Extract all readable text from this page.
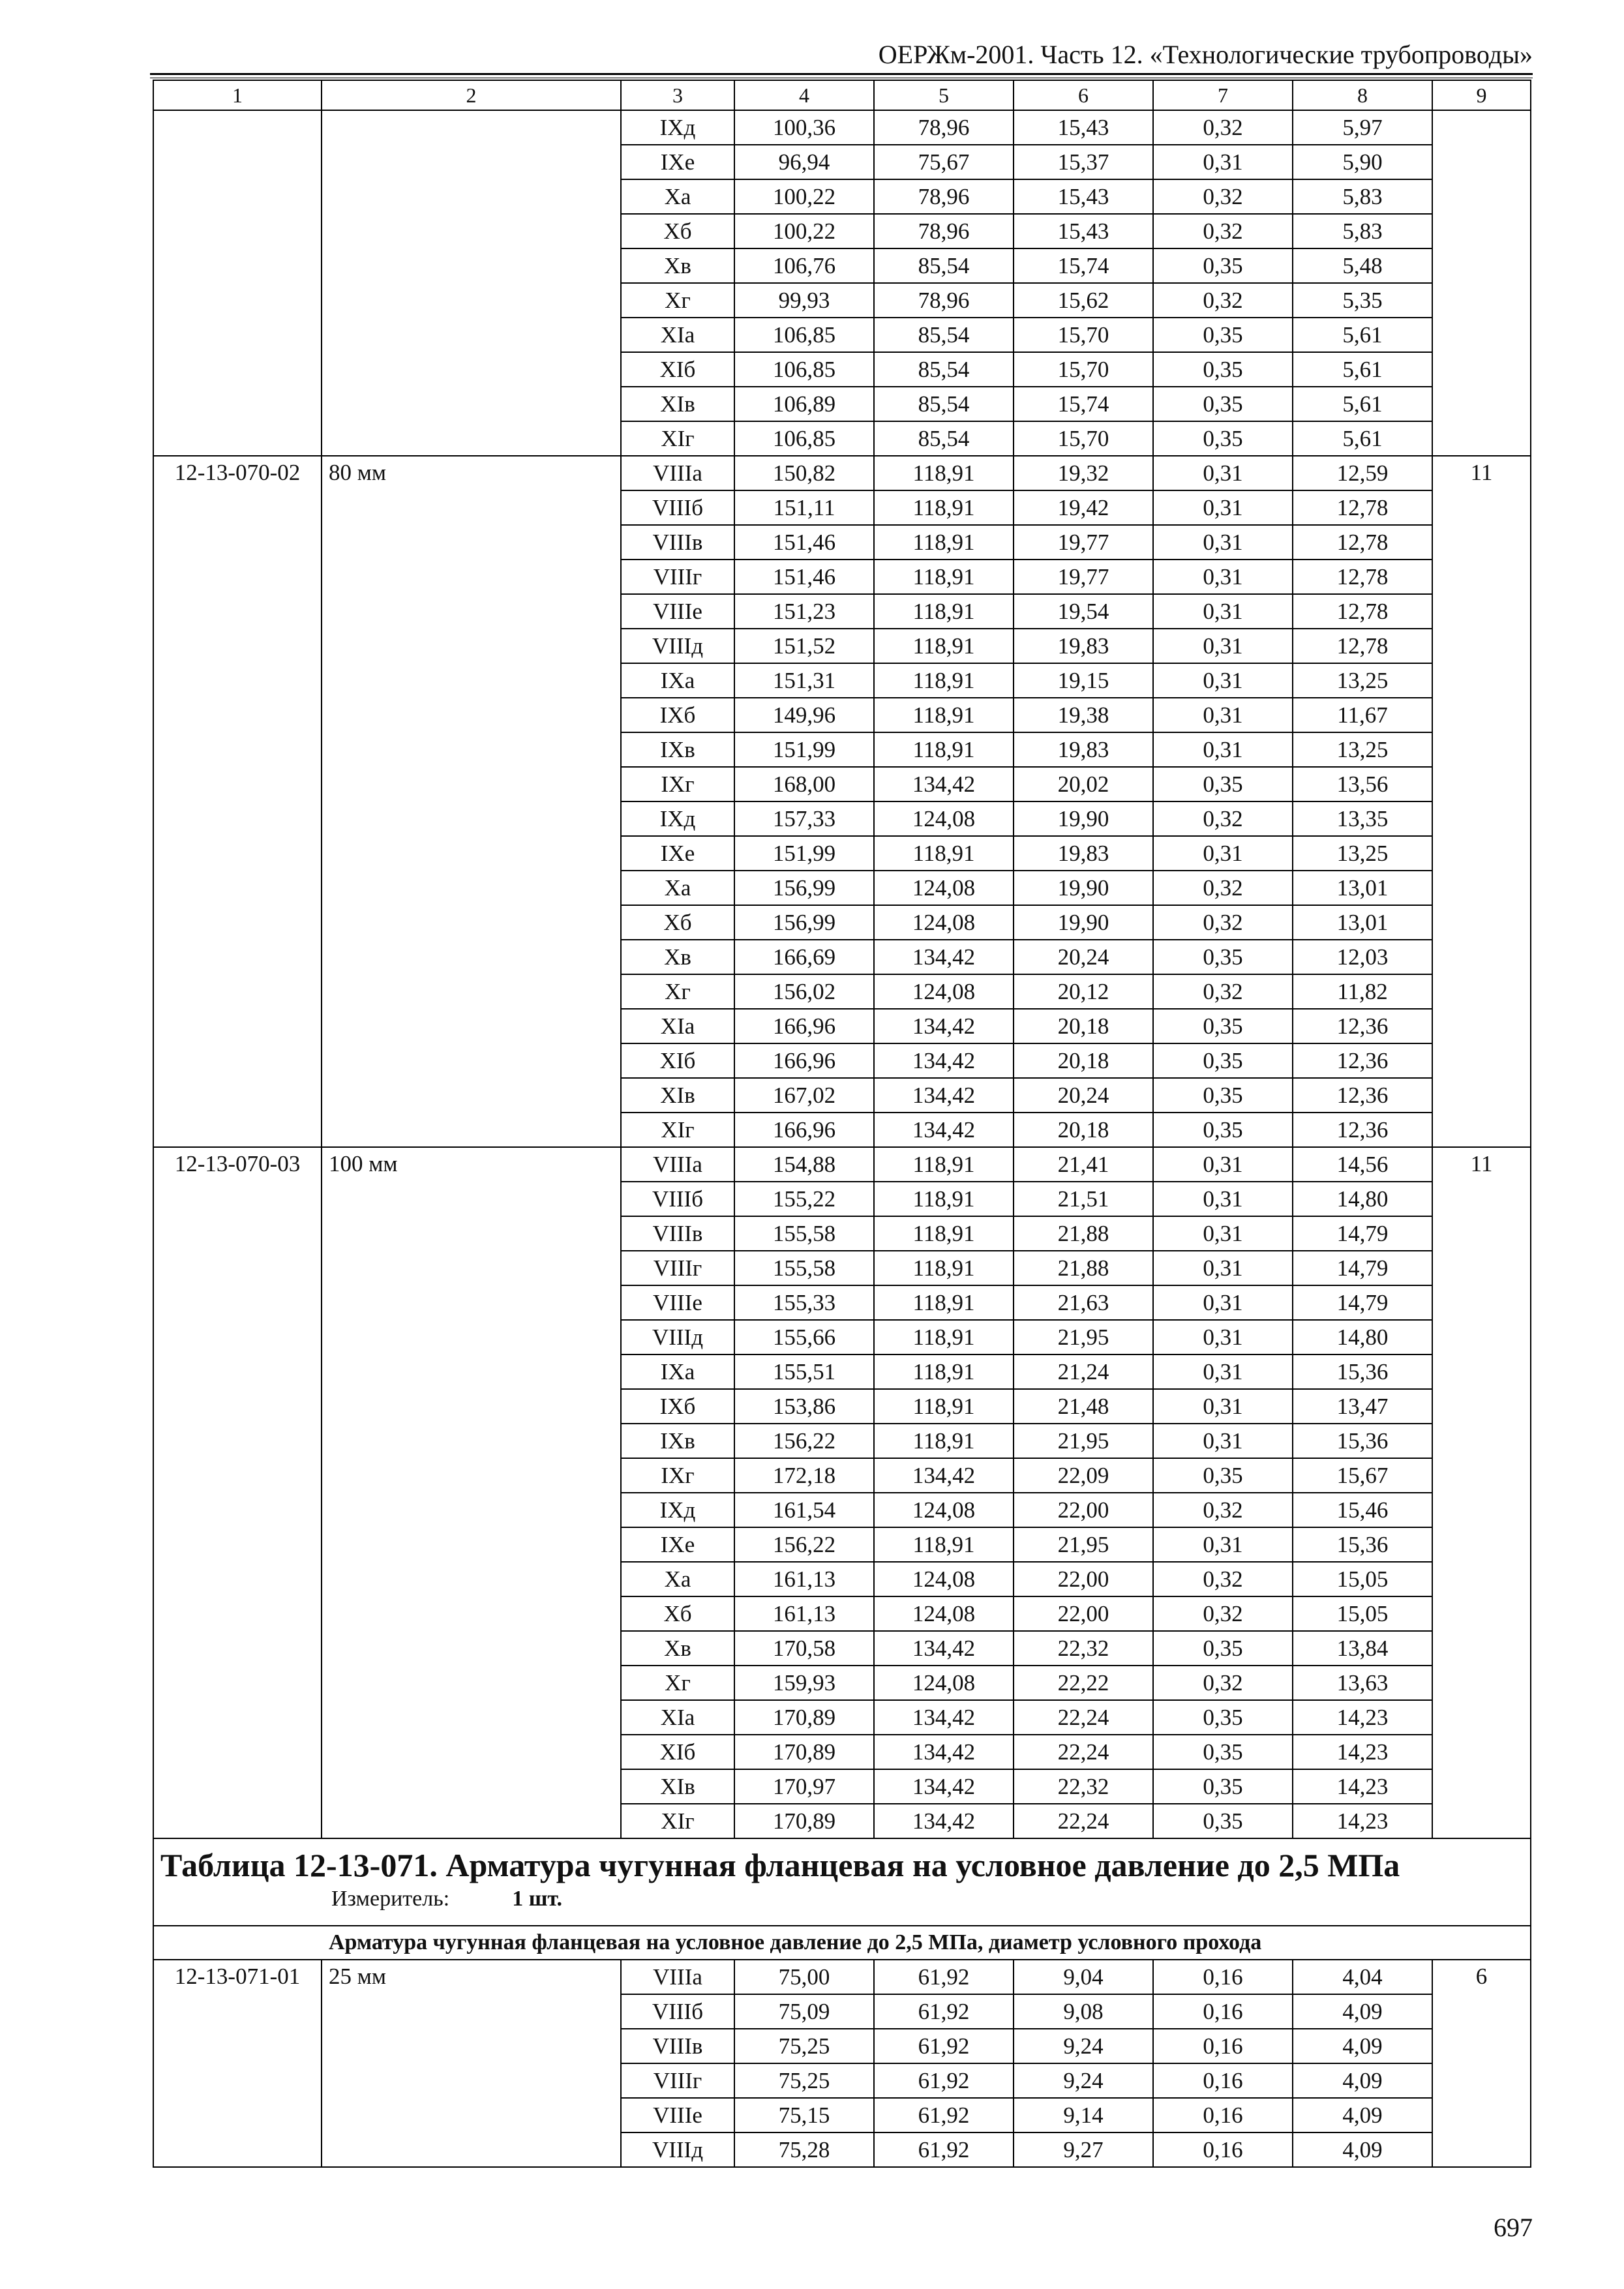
ОЕРЖм-2001. Часть 12. «Технологические трубопроводы»
1	2	3	4	5	6	7	8	9
		IXд	100,36	78,96	15,43	0,32	5,97	
		IXе	96,94	75,67	15,37	0,31	5,90	
		Xа	100,22	78,96	15,43	0,32	5,83	
		Xб	100,22	78,96	15,43	0,32	5,83	
		Xв	106,76	85,54	15,74	0,35	5,48	
		Xг	99,93	78,96	15,62	0,32	5,35	
		XIа	106,85	85,54	15,70	0,35	5,61	
		XIб	106,85	85,54	15,70	0,35	5,61	
		XIв	106,89	85,54	15,74	0,35	5,61	
		XIг	106,85	85,54	15,70	0,35	5,61	
12-13-070-02	80 мм	VIIIа	150,82	118,91	19,32	0,31	12,59	11
		VIIIб	151,11	118,91	19,42	0,31	12,78	
		VIIIв	151,46	118,91	19,77	0,31	12,78	
		VIIIг	151,46	118,91	19,77	0,31	12,78	
		VIIIе	151,23	118,91	19,54	0,31	12,78	
		VIIIд	151,52	118,91	19,83	0,31	12,78	
		IXа	151,31	118,91	19,15	0,31	13,25	
		IXб	149,96	118,91	19,38	0,31	11,67	
		IXв	151,99	118,91	19,83	0,31	13,25	
		IXг	168,00	134,42	20,02	0,35	13,56	
		IXд	157,33	124,08	19,90	0,32	13,35	
		IXе	151,99	118,91	19,83	0,31	13,25	
		Xа	156,99	124,08	19,90	0,32	13,01	
		Xб	156,99	124,08	19,90	0,32	13,01	
		Xв	166,69	134,42	20,24	0,35	12,03	
		Xг	156,02	124,08	20,12	0,32	11,82	
		XIа	166,96	134,42	20,18	0,35	12,36	
		XIб	166,96	134,42	20,18	0,35	12,36	
		XIв	167,02	134,42	20,24	0,35	12,36	
		XIг	166,96	134,42	20,18	0,35	12,36	
12-13-070-03	100 мм	VIIIа	154,88	118,91	21,41	0,31	14,56	11
		VIIIб	155,22	118,91	21,51	0,31	14,80	
		VIIIв	155,58	118,91	21,88	0,31	14,79	
		VIIIг	155,58	118,91	21,88	0,31	14,79	
		VIIIе	155,33	118,91	21,63	0,31	14,79	
		VIIIд	155,66	118,91	21,95	0,31	14,80	
		IXа	155,51	118,91	21,24	0,31	15,36	
		IXб	153,86	118,91	21,48	0,31	13,47	
		IXв	156,22	118,91	21,95	0,31	15,36	
		IXг	172,18	134,42	22,09	0,35	15,67	
		IXд	161,54	124,08	22,00	0,32	15,46	
		IXе	156,22	118,91	21,95	0,31	15,36	
		Xа	161,13	124,08	22,00	0,32	15,05	
		Xб	161,13	124,08	22,00	0,32	15,05	
		Xв	170,58	134,42	22,32	0,35	13,84	
		Xг	159,93	124,08	22,22	0,32	13,63	
		XIа	170,89	134,42	22,24	0,35	14,23	
		XIб	170,89	134,42	22,24	0,35	14,23	
		XIв	170,97	134,42	22,32	0,35	14,23	
		XIг	170,89	134,42	22,24	0,35	14,23	

Таблица 12-13-071. Арматура чугунная фланцевая на условное давление до 2,5 МПа
Измеритель: 1 шт.								

Арматура чугунная фланцевая на условное давление до 2,5 МПа, диаметр условного прохода								
12-13-071-01	25 мм	VIIIа	75,00	61,92	9,04	0,16	4,04	6
		VIIIб	75,09	61,92	9,08	0,16	4,09	
		VIIIв	75,25	61,92	9,24	0,16	4,09	
		VIIIг	75,25	61,92	9,24	0,16	4,09	
		VIIIе	75,15	61,92	9,14	0,16	4,09	
		VIIIд	75,28	61,92	9,27	0,16	4,09	
697
